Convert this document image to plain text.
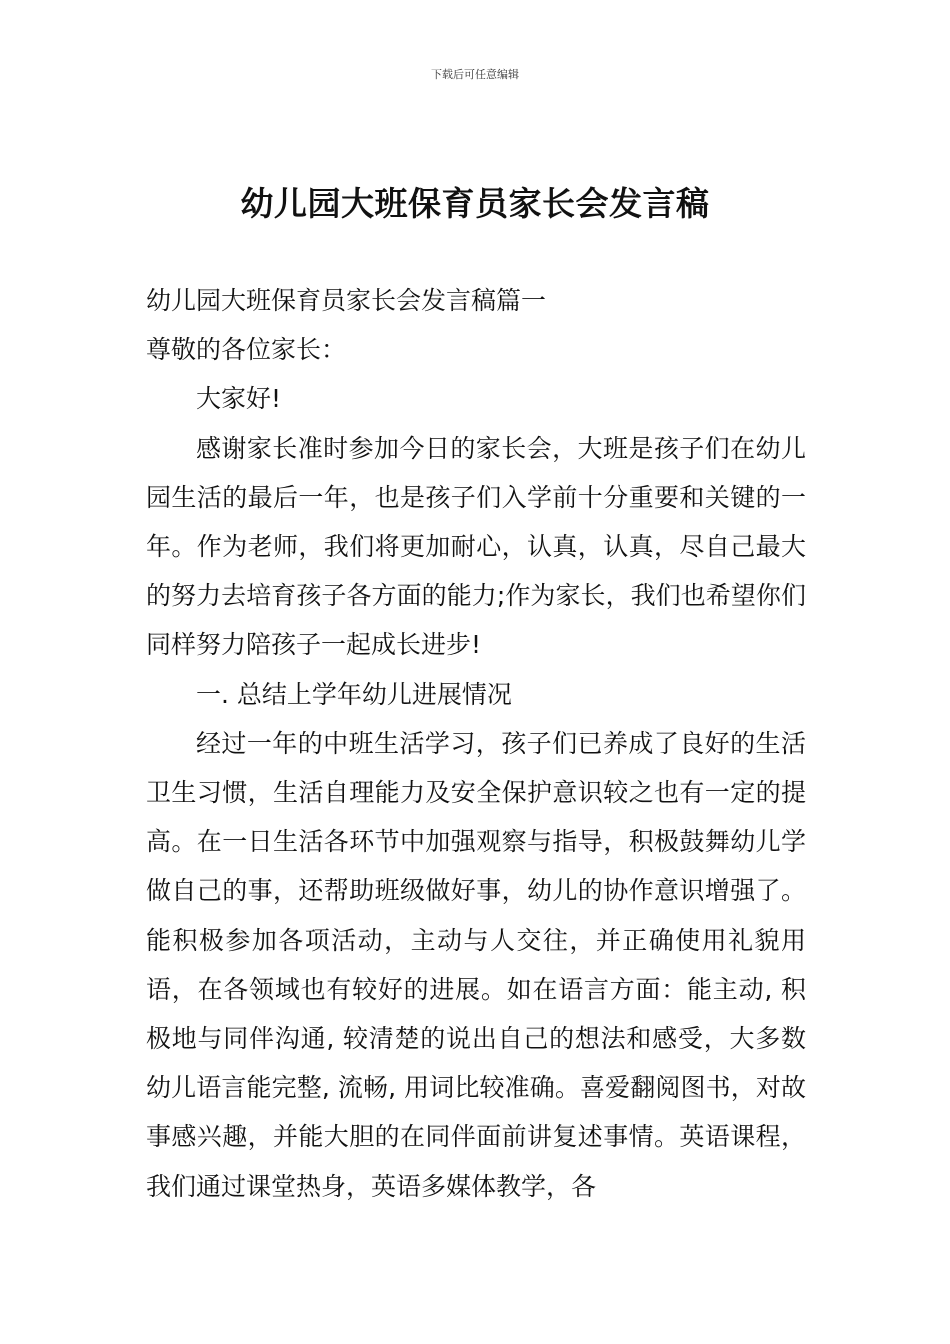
下载后可任意编辑
幼儿园大班保育员家长会发言稿

幼儿园大班保育员家长会发言稿篇一

尊敬的各位家长：

大家好!

感谢家长准时参加今日的家长会，大班是孩子们在幼儿园生活的最后一年，也是孩子们入学前十分重要和关键的一年。作为老师，我们将更加耐心，认真，认真，尽自己最大的努力去培育孩子各方面的能力;作为家长，我们也希望你们同样努力陪孩子一起成长进步!

一. 总结上学年幼儿进展情况

经过一年的中班生活学习，孩子们已养成了良好的生活卫生习惯，生活自理能力及安全保护意识较之也有一定的提高。在一日生活各环节中加强观察与指导，积极鼓舞幼儿学做自己的事，还帮助班级做好事，幼儿的协作意识增强了。能积极参加各项活动，主动与人交往，并正确使用礼貌用语，在各领域也有较好的进展。如在语言方面：能主动, 积极地与同伴沟通, 较清楚的说出自己的想法和感受，大多数幼儿语言能完整, 流畅, 用词比较准确。喜爱翻阅图书，对故事感兴趣，并能大胆的在同伴面前讲复述事情。英语课程，我们通过课堂热身，英语多媒体教学，各
